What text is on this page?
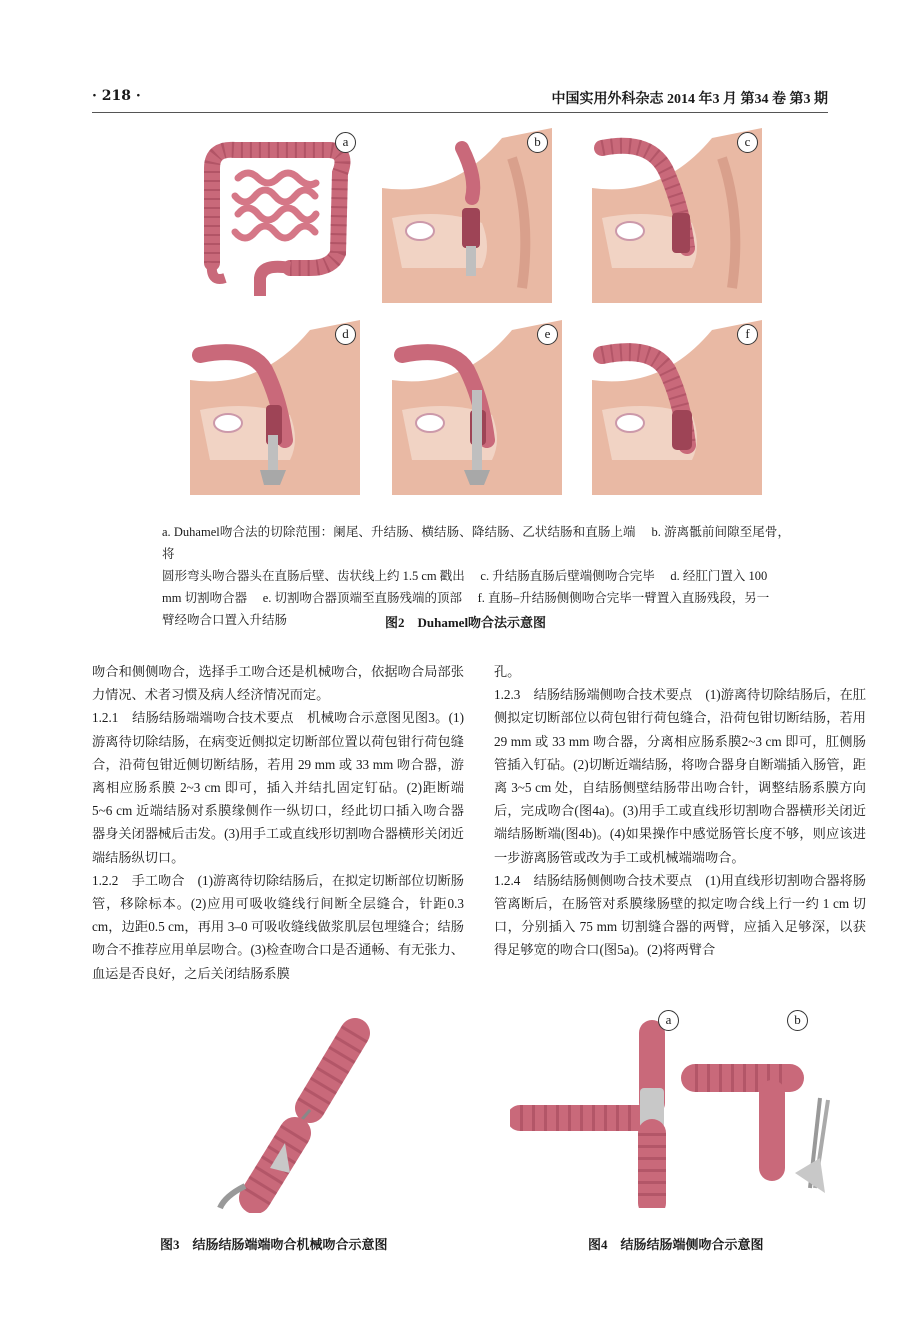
· 218 ·	中国实用外科杂志 2014 年3 月 第34 卷 第3 期
a	b	c
d	e	f
a. Duhamel吻合法的切除范围：阑尾、升结肠、横结肠、降结肠、乙状结肠和直肠上端 　b. 游离骶前间隙至尾骨，将
圆形弯头吻合器头在直肠后壁、齿状线上约 1.5 cm 戳出 　c. 升结肠直肠后壁端侧吻合完毕 　d. 经肛门置入 100
mm 切割吻合器 　e. 切割吻合器顶端至直肠残端的顶部 　f. 直肠–升结肠侧侧吻合完毕一臂置入直肠残段，另一
臂经吻合口置入升结肠	图2　Duhamel吻合法示意图

吻合和侧侧吻合，选择手工吻合还是机械吻合，依据吻合局部张力情况、术者习惯及病人经济情况而定。

1.2.1　结肠结肠端端吻合技术要点　机械吻合示意图见图3。(1)游离待切除结肠，在病变近侧拟定切断部位置以荷包钳行荷包缝合，沿荷包钳近侧切断结肠，若用 29 mm 或 33 mm 吻合器，游离相应肠系膜 2~3 cm 即可，插入并结扎固定钉砧。(2)距断端 5~6 cm 近端结肠对系膜缘侧作一纵切口，经此切口插入吻合器器身关闭器械后击发。(3)用手工或直线形切割吻合器横形关闭近端结肠纵切口。

1.2.2　手工吻合　(1)游离待切除结肠后，在拟定切断部位切断肠管，移除标本。(2)应用可吸收缝线行间断全层缝合，针距0.3 cm，边距0.5 cm，再用 3–0 可吸收缝线做浆肌层包埋缝合；结肠吻合不推荐应用单层吻合。(3)检查吻合口是否通畅、有无张力、血运是否良好，之后关闭结肠系膜

孔。

1.2.3　结肠结肠端侧吻合技术要点　(1)游离待切除结肠后，在肛侧拟定切断部位以荷包钳行荷包缝合，沿荷包钳切断结肠，若用 29 mm 或 33 mm 吻合器，分离相应肠系膜2~3 cm 即可，肛侧肠管插入钉砧。(2)切断近端结肠，将吻合器身自断端插入肠管，距离 3~5 cm 处，自结肠侧壁结肠带出吻合针，调整结肠系膜方向后，完成吻合(图4a)。(3)用手工或直线形切割吻合器横形关闭近端结肠断端(图4b)。(4)如果操作中感觉肠管长度不够，则应该进一步游离肠管或改为手工或机械端端吻合。

1.2.4　结肠结肠侧侧吻合技术要点　(1)用直线形切割吻合器将肠管离断后，在肠管对系膜缘肠壁的拟定吻合线上行一约 1 cm 切口，分别插入 75 mm 切割缝合器的两臂，应插入足够深，以获得足够宽的吻合口(图5a)。(2)将两臂合

图3　结肠结肠端端吻合机械吻合示意图
a	b
图4　结肠结肠端侧吻合示意图
